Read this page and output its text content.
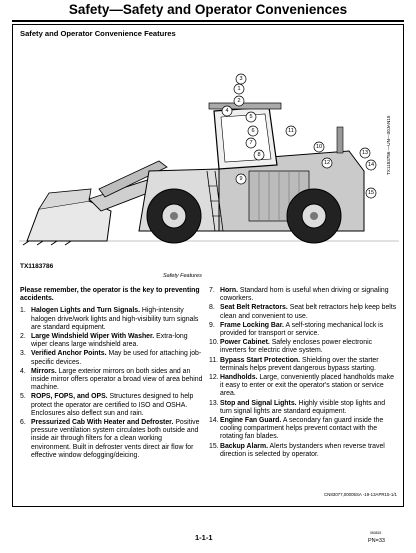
Safety—Safety and Operator Conveniences
Safety and Operator Convenience Features
1
2
3
4
5
6
7
8
9
10
11
12
13
14
15
TX1183786 —UN—30JAN15
TX1183786
Safety Features
Please remember, the operator is the key to preventing accidents.
1. Halogen Lights and Turn Signals. High-intensity halogen drive/work lights and high-visibility turn signals are standard equipment.
2. Large Windshield Wiper With Washer. Extra-long wiper cleans large windshield area.
3. Verified Anchor Points. May be used for attaching job-specific devices.
4. Mirrors. Large exterior mirrors on both sides and an inside mirror offers operator a broad view of area behind machine.
5. ROPS, FOPS, and OPS. Structures designed to help protect the operator are certified to ISO and OSHA. Enclosures also deflect sun and rain.
6. Pressurized Cab With Heater and Defroster. Positive pressure ventilation system circulates both outside and inside air through filters for a clean working environment. Built in defroster vents direct air flow for effective window defogging/deicing.
7. Horn. Standard horn is useful when driving or signaling coworkers.
8. Seat Belt Retractors. Seat belt retractors help keep belts clean and convenient to use.
9. Frame Locking Bar. A self-storing mechanical lock is provided for transport or service.
10. Power Cabinet. Safely encloses power electronic inverters for electric drive system.
11. Bypass Start Protection. Shielding over the starter terminals helps prevent dangerous bypass starting.
12. Handholds. Large, conveniently placed handholds make it easy to enter or exit the operator's station or service area.
13. Stop and Signal Lights. Highly visible stop lights and turn signal lights are standard equipment.
14. Engine Fan Guard. A secondary fan guard inside the cooling compartment helps prevent contact with the rotating fan blades.
15. Backup Alarm. Alerts bystanders when reverse travel direction is selected by operator.
CN83077,00005SA -19-13APR15-1/1
1-1-1	060815
PN=33
